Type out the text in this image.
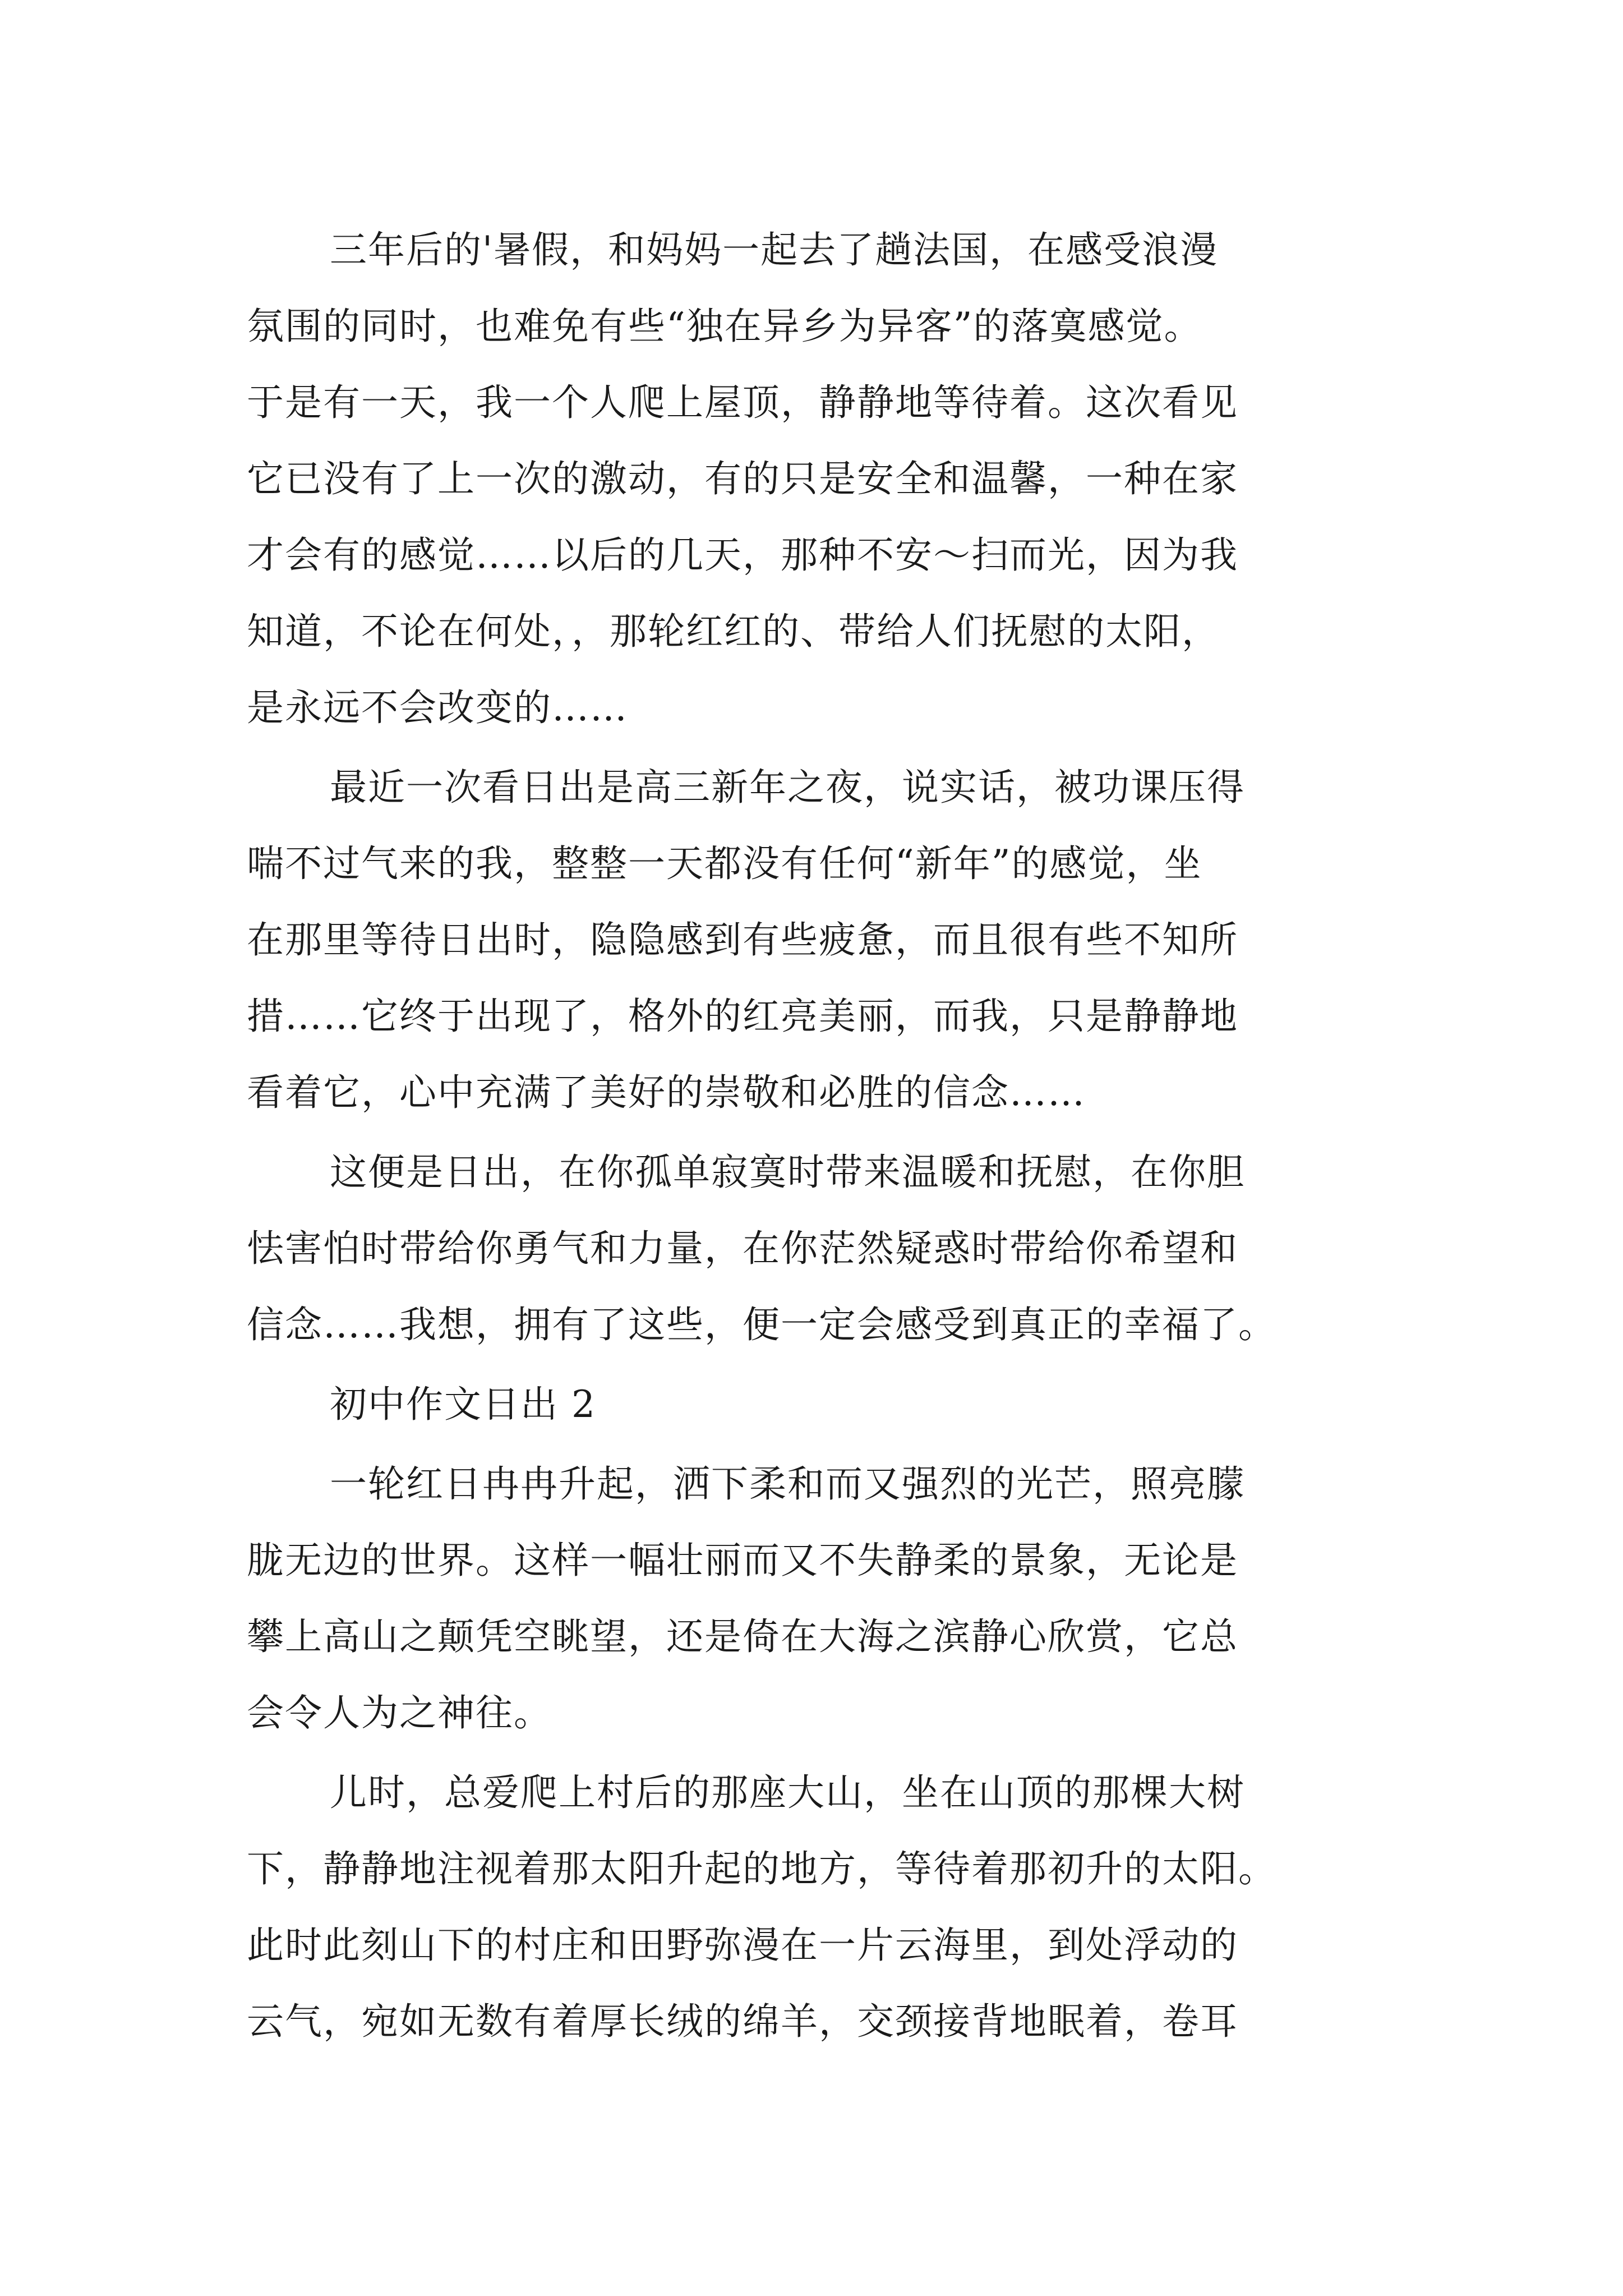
三年后的'暑假，和妈妈一起去了趟法国，在感受浪漫
氛围的同时，也难免有些“独在异乡为异客”的落寞感觉。
于是有一天，我一个人爬上屋顶，静静地等待着。这次看见
它已没有了上一次的激动，有的只是安全和温馨，一种在家
才会有的感觉……以后的几天，那种不安～扫而光，因为我
知道，不论在何处，，那轮红红的、带给人们抚慰的太阳，
是永远不会改变的……
最近一次看日出是高三新年之夜，说实话，被功课压得
喘不过气来的我，整整一天都没有任何“新年”的感觉，坐
在那里等待日出时，隐隐感到有些疲惫，而且很有些不知所
措……它终于出现了，格外的红亮美丽，而我，只是静静地
看着它，心中充满了美好的崇敬和必胜的信念……
这便是日出，在你孤单寂寞时带来温暖和抚慰，在你胆
怯害怕时带给你勇气和力量，在你茫然疑惑时带给你希望和
信念……我想，拥有了这些，便一定会感受到真正的幸福了。
初中作文日出 2
一轮红日冉冉升起，洒下柔和而又强烈的光芒，照亮朦
胧无边的世界。这样一幅壮丽而又不失静柔的景象，无论是
攀上高山之颠凭空眺望，还是倚在大海之滨静心欣赏，它总
会令人为之神往。
儿时，总爱爬上村后的那座大山，坐在山顶的那棵大树
下，静静地注视着那太阳升起的地方，等待着那初升的太阳。
此时此刻山下的村庄和田野弥漫在一片云海里，到处浮动的
云气，宛如无数有着厚长绒的绵羊，交颈接背地眠着，卷耳
